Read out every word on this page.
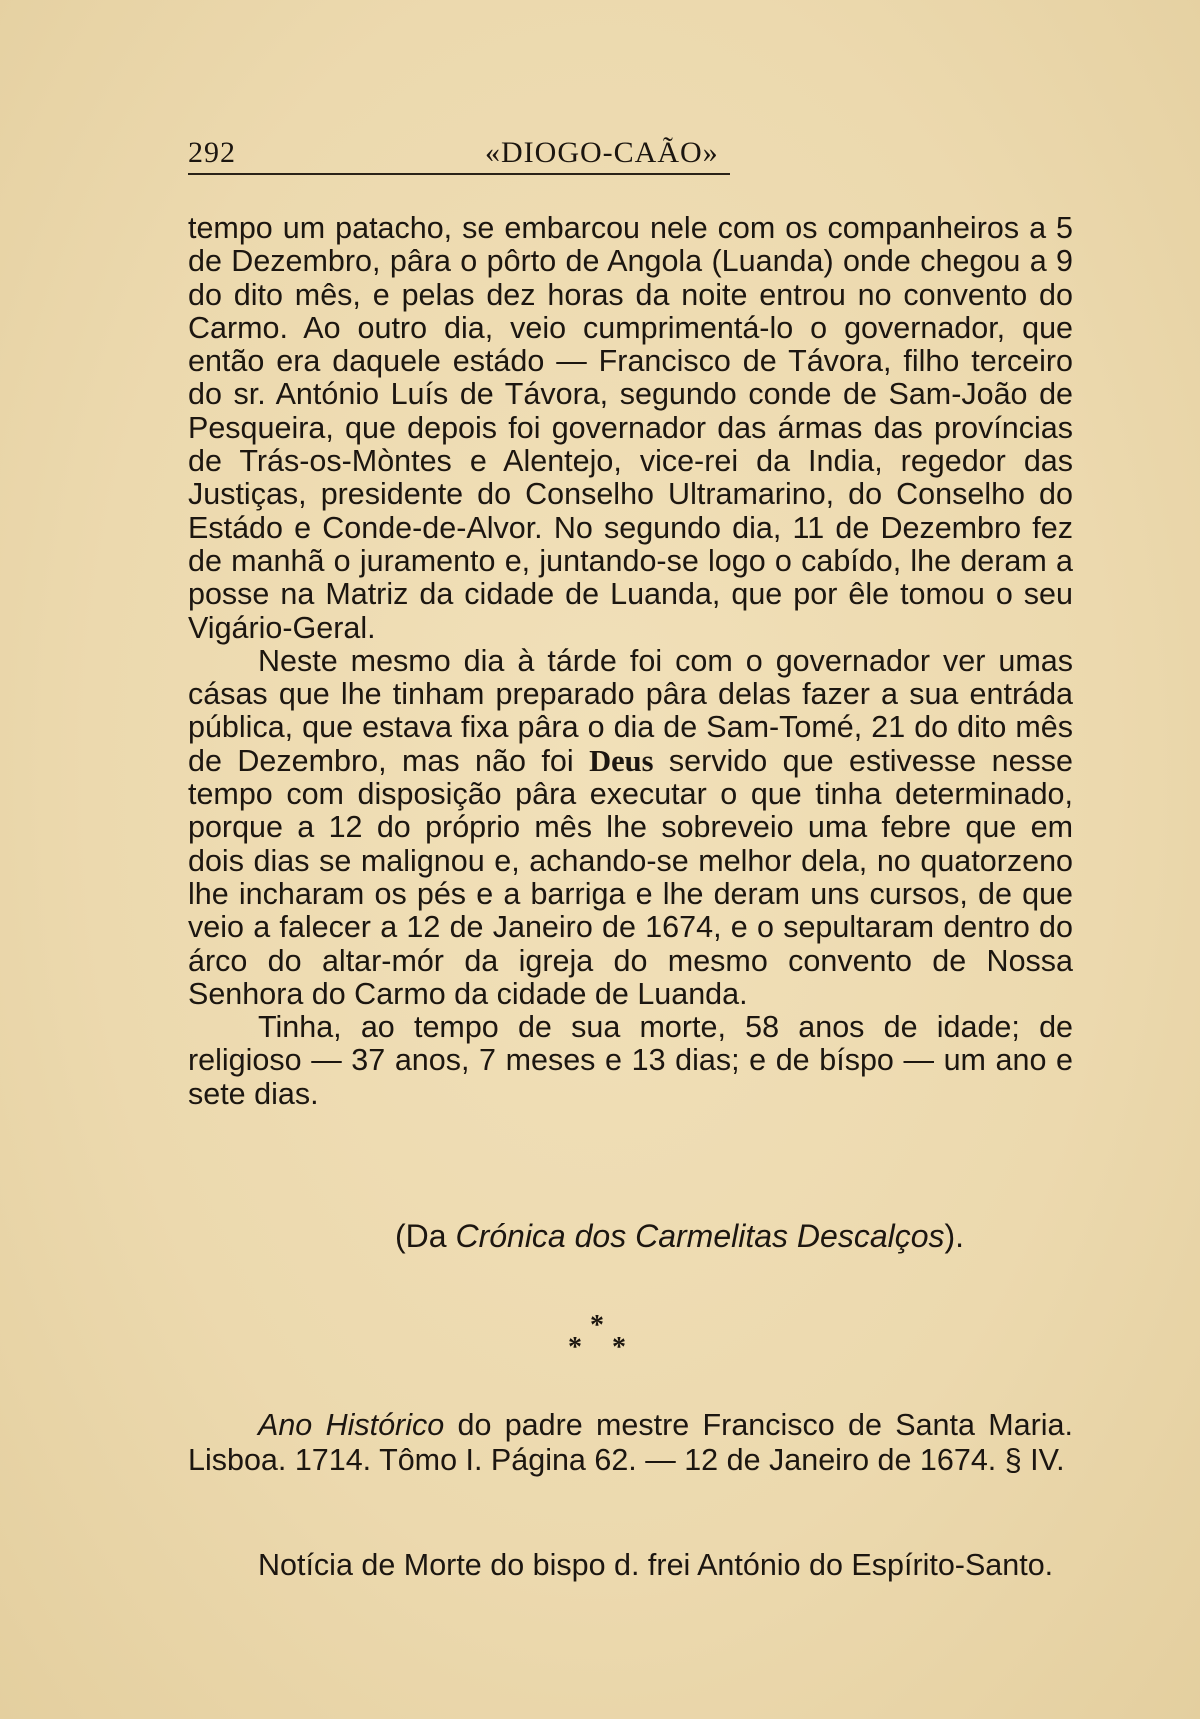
292	«DIOGO-CAÃO»

tempo um patacho, se embarcou nele com os companheiros a 5 de Dezembro, pâra o pôrto de Angola (Luanda) onde chegou a 9 do dito mês, e pelas dez horas da noite entrou no convento do Carmo. Ao outro dia, veio cumprimentá-lo o governador, que então era daquele estádo — Francisco de Távora, filho terceiro do sr. António Luís de Távora, segundo conde de Sam-João de Pesqueira, que depois foi governador das ármas das províncias de Trás-os-Mòntes e Alentejo, vice-rei da India, regedor das Justiças, presidente do Conselho Ultramarino, do Conselho do Estádo e Conde-de-Alvor. No segundo dia, 11 de Dezembro fez de manhã o juramento e, juntando-se logo o cabído, lhe deram a posse na Matriz da cidade de Luanda, que por êle tomou o seu Vigário-Geral.

Neste mesmo dia à tárde foi com o governador ver umas cásas que lhe tinham preparado pâra delas fazer a sua entráda pública, que estava fixa pâra o dia de Sam-Tomé, 21 do dito mês de Dezembro, mas não foi Deus servido que estivesse nesse tempo com disposição pâra executar o que tinha determinado, porque a 12 do próprio mês lhe sobreveio uma febre que em dois dias se malignou e, achando-se melhor dela, no quatorzeno lhe incharam os pés e a barriga e lhe deram uns cursos, de que veio a falecer a 12 de Janeiro de 1674, e o sepultaram dentro do árco do altar-mór da igreja do mesmo convento de Nossa Senhora do Carmo da cidade de Luanda.

Tinha, ao tempo de sua morte, 58 anos de idade; de religioso — 37 anos, 7 meses e 13 dias; e de bíspo — um ano e sete dias.

(Da Crónica dos Carmelitas Descalços).
*
* *

Ano Histórico do padre mestre Francisco de Santa Maria. Lisboa. 1714. Tômo I. Página 62. — 12 de Janeiro de 1674. § IV.

Notícia de Morte do bispo d. frei António do Espírito-Santo.
